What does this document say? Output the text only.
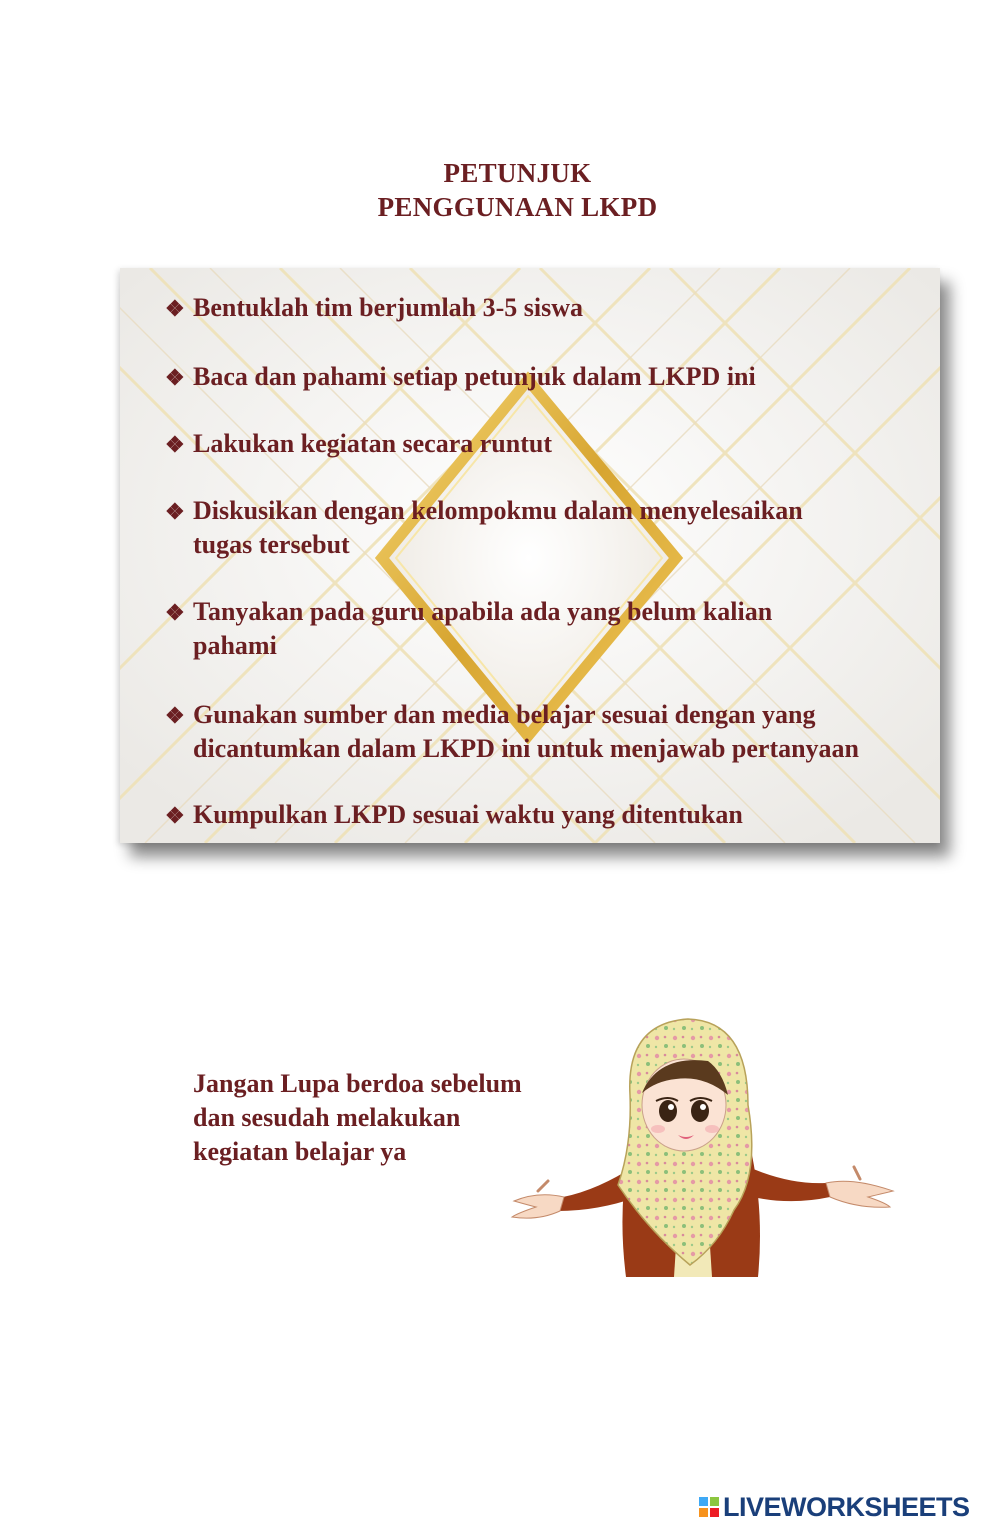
PETUNJUK
PENGGUNAAN LKPD
❖ Bentuklah tim berjumlah 3-5 siswa
❖ Baca dan pahami setiap petunjuk dalam LKPD ini
❖ Lakukan kegiatan secara runtut
❖ Diskusikan dengan kelompokmu dalam menyelesaikan
tugas tersebut
❖ Tanyakan pada guru apabila ada yang belum kalian
pahami
❖ Gunakan sumber dan media belajar sesuai dengan yang
dicantumkan dalam LKPD ini untuk menjawab pertanyaan
❖Kumpulkan LKPD sesuai waktu yang ditentukan
Jangan Lupa berdoa sebelum
dan sesudah melakukan
kegiatan belajar ya
LIVEWORKSHEETS
